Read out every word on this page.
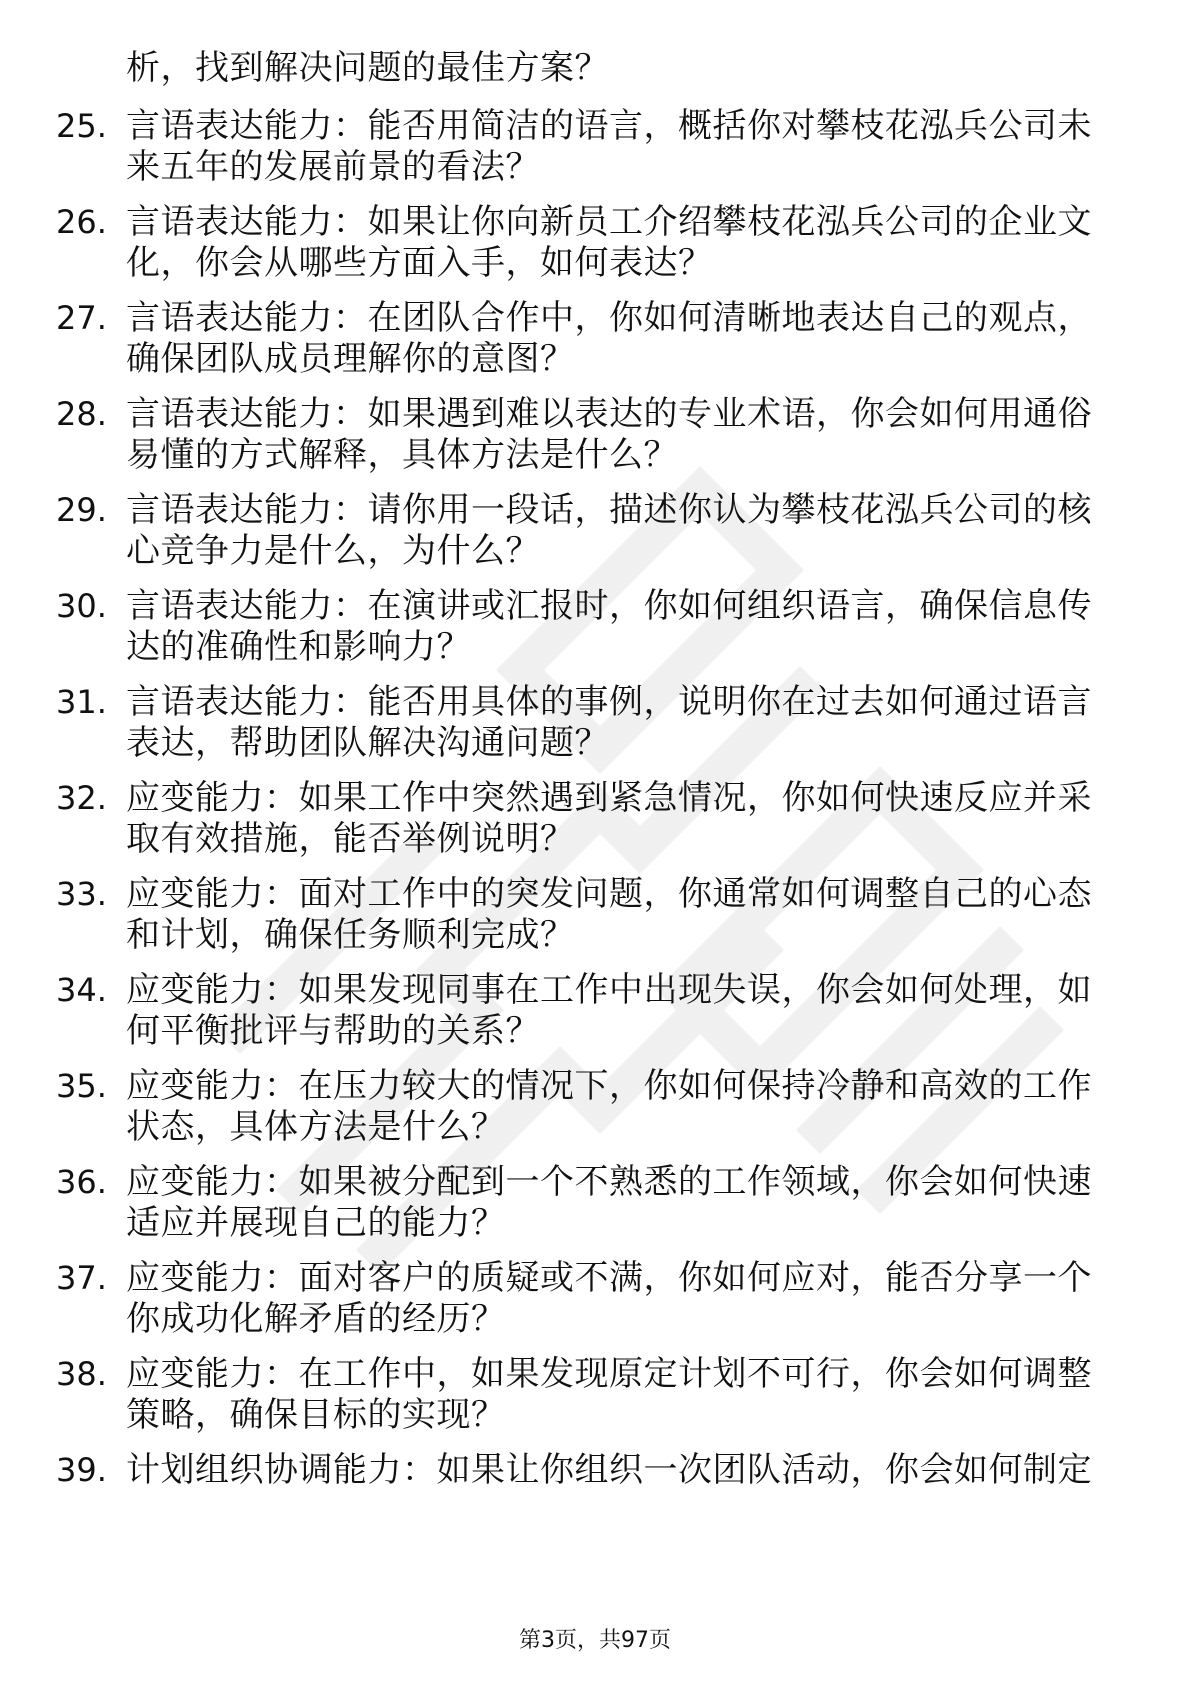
析，找到解决问题的最佳方案？
25. 言语表达能力：能否用简洁的语言，概括你对攀枝花泓兵公司未
来五年的发展前景的看法？
26. 言语表达能力：如果让你向新员工介绍攀枝花泓兵公司的企业文
化，你会从哪些方面入手，如何表达？
27. 言语表达能力：在团队合作中，你如何清晰地表达自己的观点，
确保团队成员理解你的意图？
28. 言语表达能力：如果遇到难以表达的专业术语，你会如何用通俗
易懂的方式解释，具体方法是什么？
29. 言语表达能力：请你用一段话，描述你认为攀枝花泓兵公司的核
心竞争力是什么，为什么？
30. 言语表达能力：在演讲或汇报时，你如何组织语言，确保信息传
达的准确性和影响力？
31. 言语表达能力：能否用具体的事例，说明你在过去如何通过语言
表达，帮助团队解决沟通问题？
32. 应变能力：如果工作中突然遇到紧急情况，你如何快速反应并采
取有效措施，能否举例说明？
33. 应变能力：面对工作中的突发问题，你通常如何调整自己的心态
和计划，确保任务顺利完成？
34. 应变能力：如果发现同事在工作中出现失误，你会如何处理，如
何平衡批评与帮助的关系？
35. 应变能力：在压力较大的情况下，你如何保持冷静和高效的工作
状态，具体方法是什么？
36. 应变能力：如果被分配到一个不熟悉的工作领域，你会如何快速
适应并展现自己的能力？
37. 应变能力：面对客户的质疑或不满，你如何应对，能否分享一个
你成功化解矛盾的经历？
38. 应变能力：在工作中，如果发现原定计划不可行，你会如何调整
策略，确保目标的实现？
39. 计划组织协调能力：如果让你组织一次团队活动，你会如何制定
第3页，共97页
